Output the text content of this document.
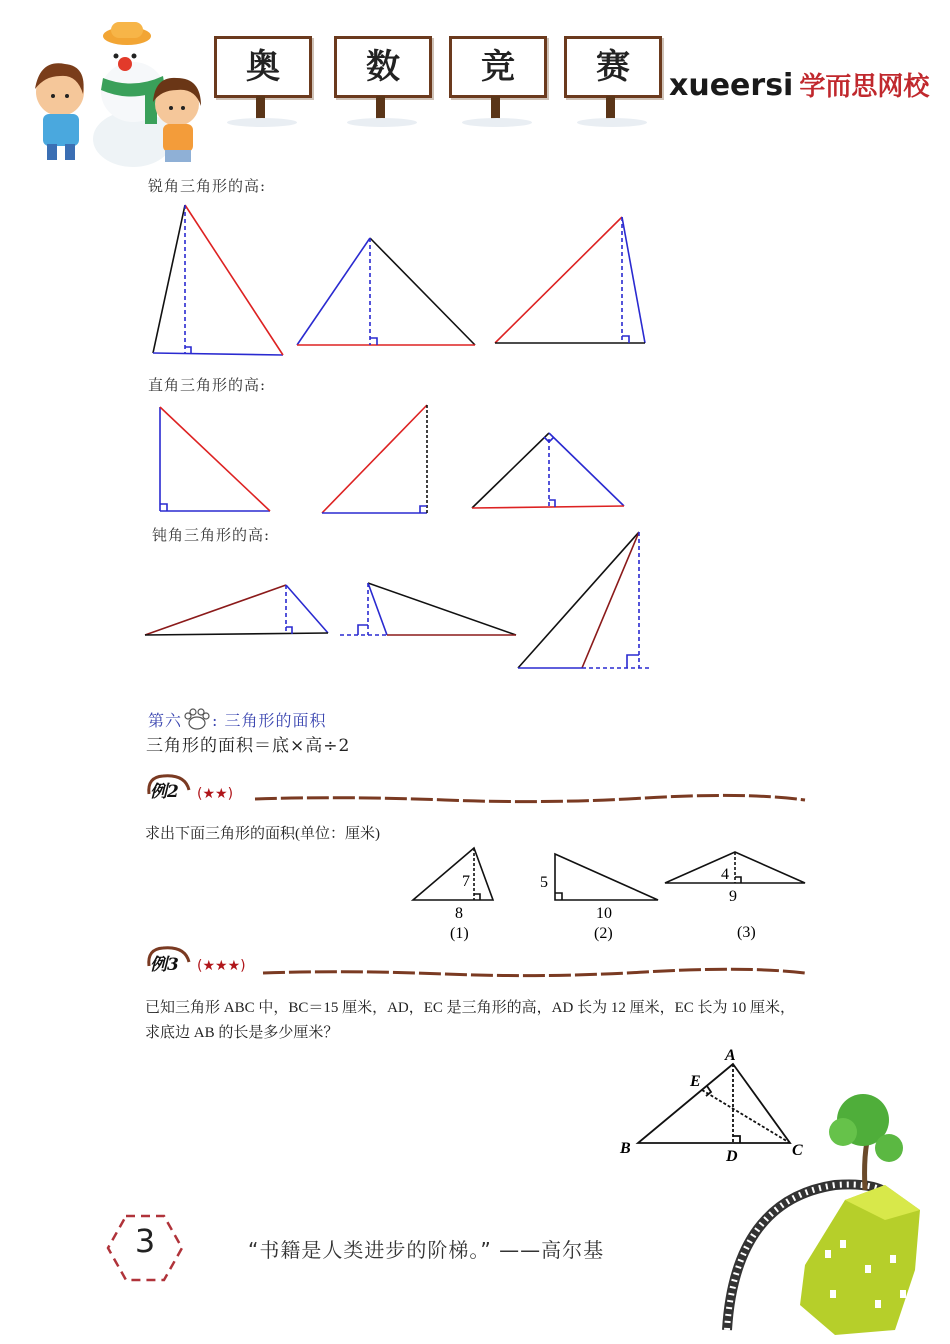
奥	数	竞	赛	xueersi 学而思网校
锐角三角形的高:
直角三角形的高:
钝角三角形的高:
第六 : 三角形的面积
三角形的面积＝底×高÷2
例2 (★★)
求出下面三角形的面积(单位：厘米)
7
8
(1)
5
10
(2)
4
9
(3)
例3 (★★★)
已知三角形 ABC 中，BC＝15 厘米，AD，EC 是三角形的高，AD 长为 12 厘米，EC 长为 10 厘米，
求底边 AB 的长是多少厘米？
A
E
B	C
D
3	“书籍是人类进步的阶梯。” ——高尔基
